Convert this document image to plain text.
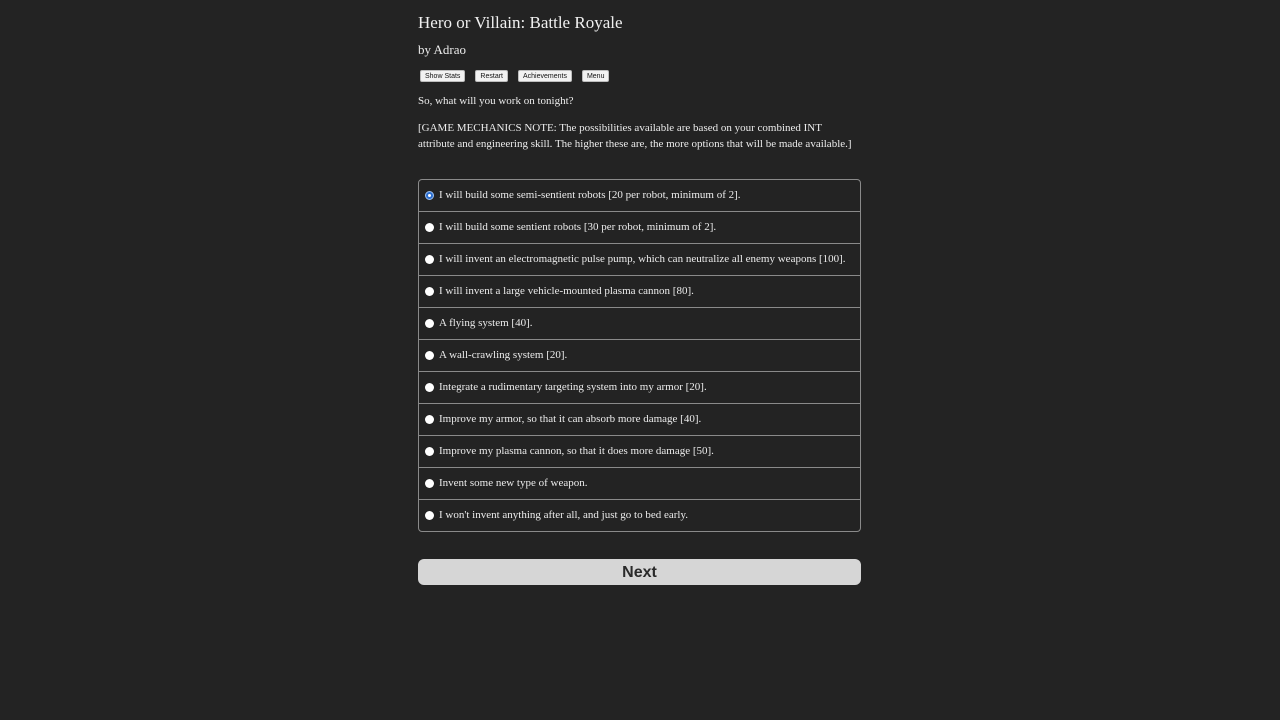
Hero or Villain: Battle Royale
by Adrao
Show Stats	Restart	Achievements	Menu
So, what will you work on tonight?
[GAME MECHANICS NOTE: The possibilities available are based on your combined INT attribute and engineering skill. The higher these are, the more options that will be made available.]
I will build some semi-sentient robots [20 per robot, minimum of 2].
I will build some sentient robots [30 per robot, minimum of 2].
I will invent an electromagnetic pulse pump, which can neutralize all enemy weapons [100].
I will invent a large vehicle-mounted plasma cannon [80].
A flying system [40].
A wall-crawling system [20].
Integrate a rudimentary targeting system into my armor [20].
Improve my armor, so that it can absorb more damage [40].
Improve my plasma cannon, so that it does more damage [50].
Invent some new type of weapon.
I won't invent anything after all, and just go to bed early.
Next
